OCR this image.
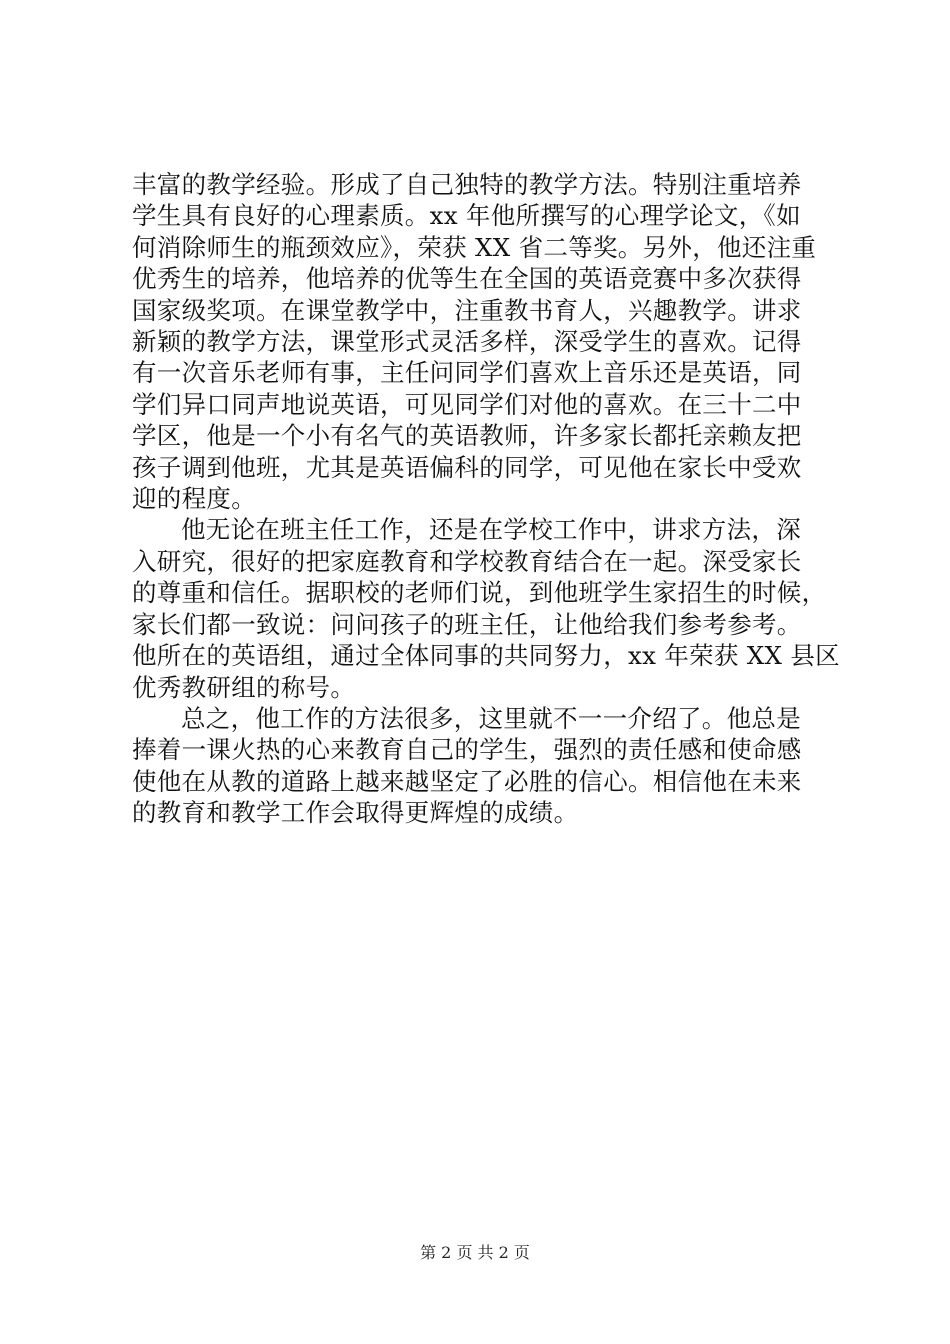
丰富的教学经验。形成了自己独特的教学方法。特别注重培养
学生具有良好的心理素质。xx 年他所撰写的心理学论文，《如
何消除师生的瓶颈效应》，荣获 XX 省二等奖。另外，他还注重
优秀生的培养，他培养的优等生在全国的英语竞赛中多次获得
国家级奖项。在课堂教学中，注重教书育人，兴趣教学。讲求
新颖的教学方法，课堂形式灵活多样，深受学生的喜欢。记得
有一次音乐老师有事，主任问同学们喜欢上音乐还是英语，同
学们异口同声地说英语，可见同学们对他的喜欢。在三十二中
学区，他是一个小有名气的英语教师，许多家长都托亲赖友把
孩子调到他班，尤其是英语偏科的同学，可见他在家长中受欢
迎的程度。
他无论在班主任工作，还是在学校工作中，讲求方法，深
入研究，很好的把家庭教育和学校教育结合在一起。深受家长
的尊重和信任。据职校的老师们说，到他班学生家招生的时候，
家长们都一致说：问问孩子的班主任，让他给我们参考参考。
他所在的英语组，通过全体同事的共同努力，xx 年荣获 XX 县区
优秀教研组的称号。
总之，他工作的方法很多，这里就不一一介绍了。他总是
捧着一课火热的心来教育自己的学生，强烈的责任感和使命感
使他在从教的道路上越来越坚定了必胜的信心。相信他在未来
的教育和教学工作会取得更辉煌的成绩。
第 2 页 共 2 页
